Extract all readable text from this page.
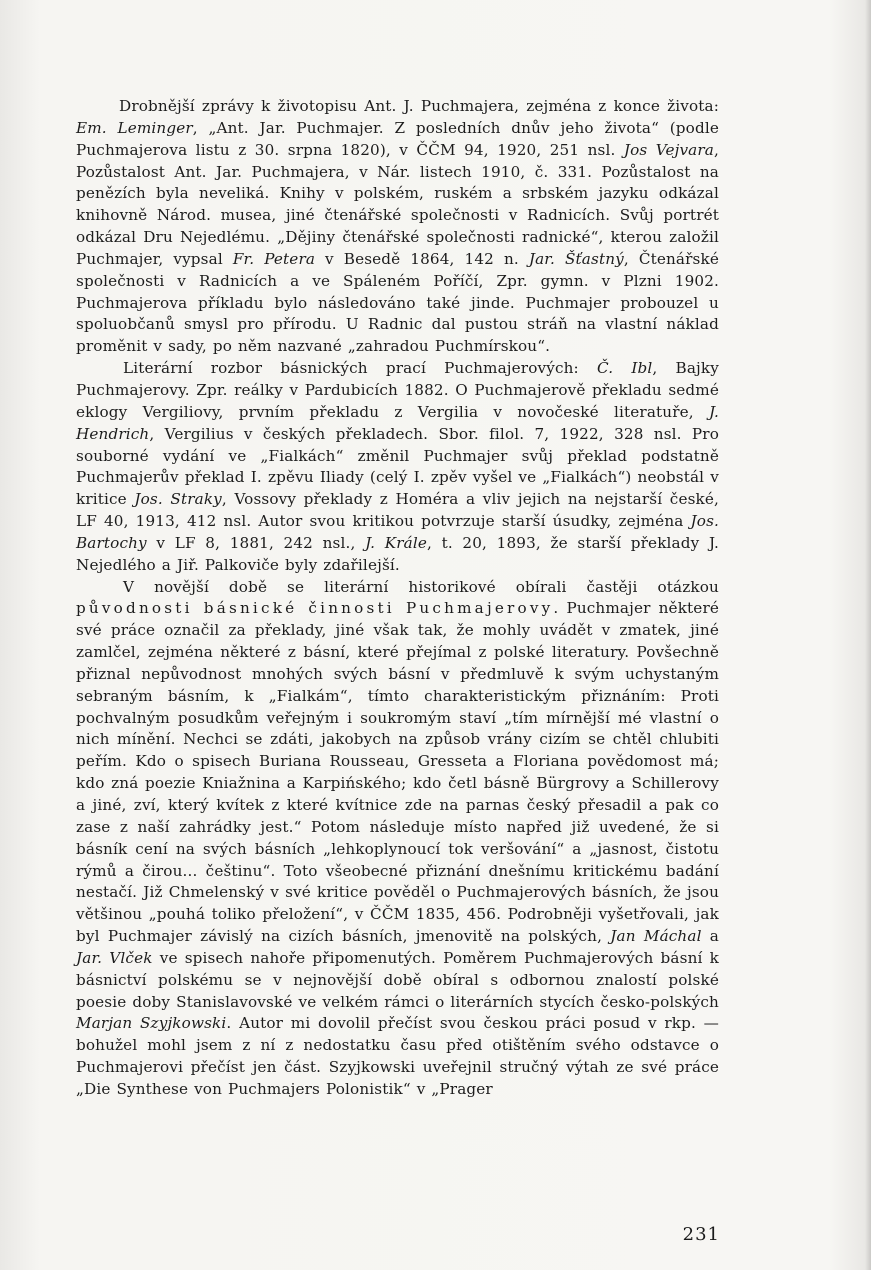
Drobnější zprávy k životopisu Ant. J. Puchmajera, zejména z konce života: Em. Leminger, „Ant. Jar. Puchmajer. Z posledních dnův jeho života“ (podle Puchmajerova listu z 30. srpna 1820), v ČČM 94, 1920, 251 nsl. Jos Vejvara, Pozůstalost Ant. Jar. Puchmajera, v Nár. listech 1910, č. 331. Pozůstalost na penězích byla neveliká. Knihy v polském, ruském a srbském jazyku odkázal knihovně Národ. musea, jiné čtenářské společnosti v Radnicích. Svůj portrét odkázal Dru Nejedlému. „Dějiny čtenářské společnosti radnické“, kterou založil Puchmajer, vypsal Fr. Petera v Besedě 1864, 142 n. Jar. Šťastný, Čtenářské společnosti v Radnicích a ve Spáleném Poříčí, Zpr. gymn. v Plzni 1902. Puchmajerova příkladu bylo následováno také jinde. Puchmajer probouzel u spoluobčanů smysl pro přírodu. U Radnic dal pustou stráň na vlastní náklad proměnit v sady, po něm nazvané „zahradou Puchmírskou“.

Literární rozbor básnických prací Puchmajerových: Č. Ibl, Bajky Puchmajerovy. Zpr. reálky v Pardubicích 1882. O Puchmajerově překladu sedmé eklogy Vergiliovy, prvním překladu z Vergilia v novočeské literatuře, J. Hendrich, Vergilius v českých překladech. Sbor. filol. 7, 1922, 328 nsl. Pro souborné vydání ve „Fialkách“ změnil Puchmajer svůj překlad podstatně Puchmajerův překlad I. zpěvu Iliady (celý I. zpěv vyšel ve „Fialkách“) neobstál v kritice Jos. Straky, Vossovy překlady z Homéra a vliv jejich na nejstarší české, LF 40, 1913, 412 nsl. Autor svou kritikou potvrzuje starší úsudky, zejména Jos. Bartochy v LF 8, 1881, 242 nsl., J. Krále, t. 20, 1893, že starší překlady J. Nejedlého a Jiř. Palkoviče byly zdařilejší.

V novější době se literární historikové obírali častěji otázkou původnosti básnické činnosti Puchmajerovy. Puchmajer některé své práce označil za překlady, jiné však tak, že mohly uvádět v zmatek, jiné zamlčel, zejména některé z básní, které přejímal z polské literatury. Povšechně přiznal nepůvodnost mnohých svých básní v předmluvě k svým uchystaným sebraným básním, k „Fialkám“, tímto charakteristickým přiznáním: Proti pochvalným posudkům veřejným i soukromým staví „tím mírnější mé vlastní o nich mínění. Nechci se zdáti, jakobych na způsob vrány cizím se chtěl chlubiti peřím. Kdo o spisech Buriana Rousseau, Gresseta a Floriana povědomost má; kdo zná poezie Kniažnina a Karpińského; kdo četl básně Bürgrovy a Schillerovy a jiné, zví, který kvítek z které kvítnice zde na parnas český přesadil a pak co zase z naší zahrádky jest.“ Potom následuje místo napřed již uvedené, že si básník cení na svých básních „lehkoplynoucí tok veršování“ a „jasnost, čistotu rýmů a čirou... češtinu“. Toto všeobecné přiznání dnešnímu kritickému badání nestačí. Již Chmelenský v své kritice pověděl o Puchmajerových básních, že jsou většinou „pouhá toliko přeložení“, v ČČM 1835, 456. Podrobněji vyšetřovali, jak byl Puchmajer závislý na cizích básních, jmenovitě na polských, Jan Máchal a Jar. Vlček ve spisech nahoře připomenutých. Poměrem Puchmajerových básní k básnictví polskému se v nejnovější době obíral s odbornou znalostí polské poesie doby Stanislavovské ve velkém rámci o literárních stycích česko-polských Marjan Szyjkowski. Autor mi dovolil přečíst svou českou práci posud v rkp. — bohužel mohl jsem z ní z nedostatku času před otištěním svého odstavce o Puchmajerovi přečíst jen část. Szyjkowski uveřejnil stručný výtah ze své práce „Die Synthese von Puchmajers Polonistik“ v „Prager

231
